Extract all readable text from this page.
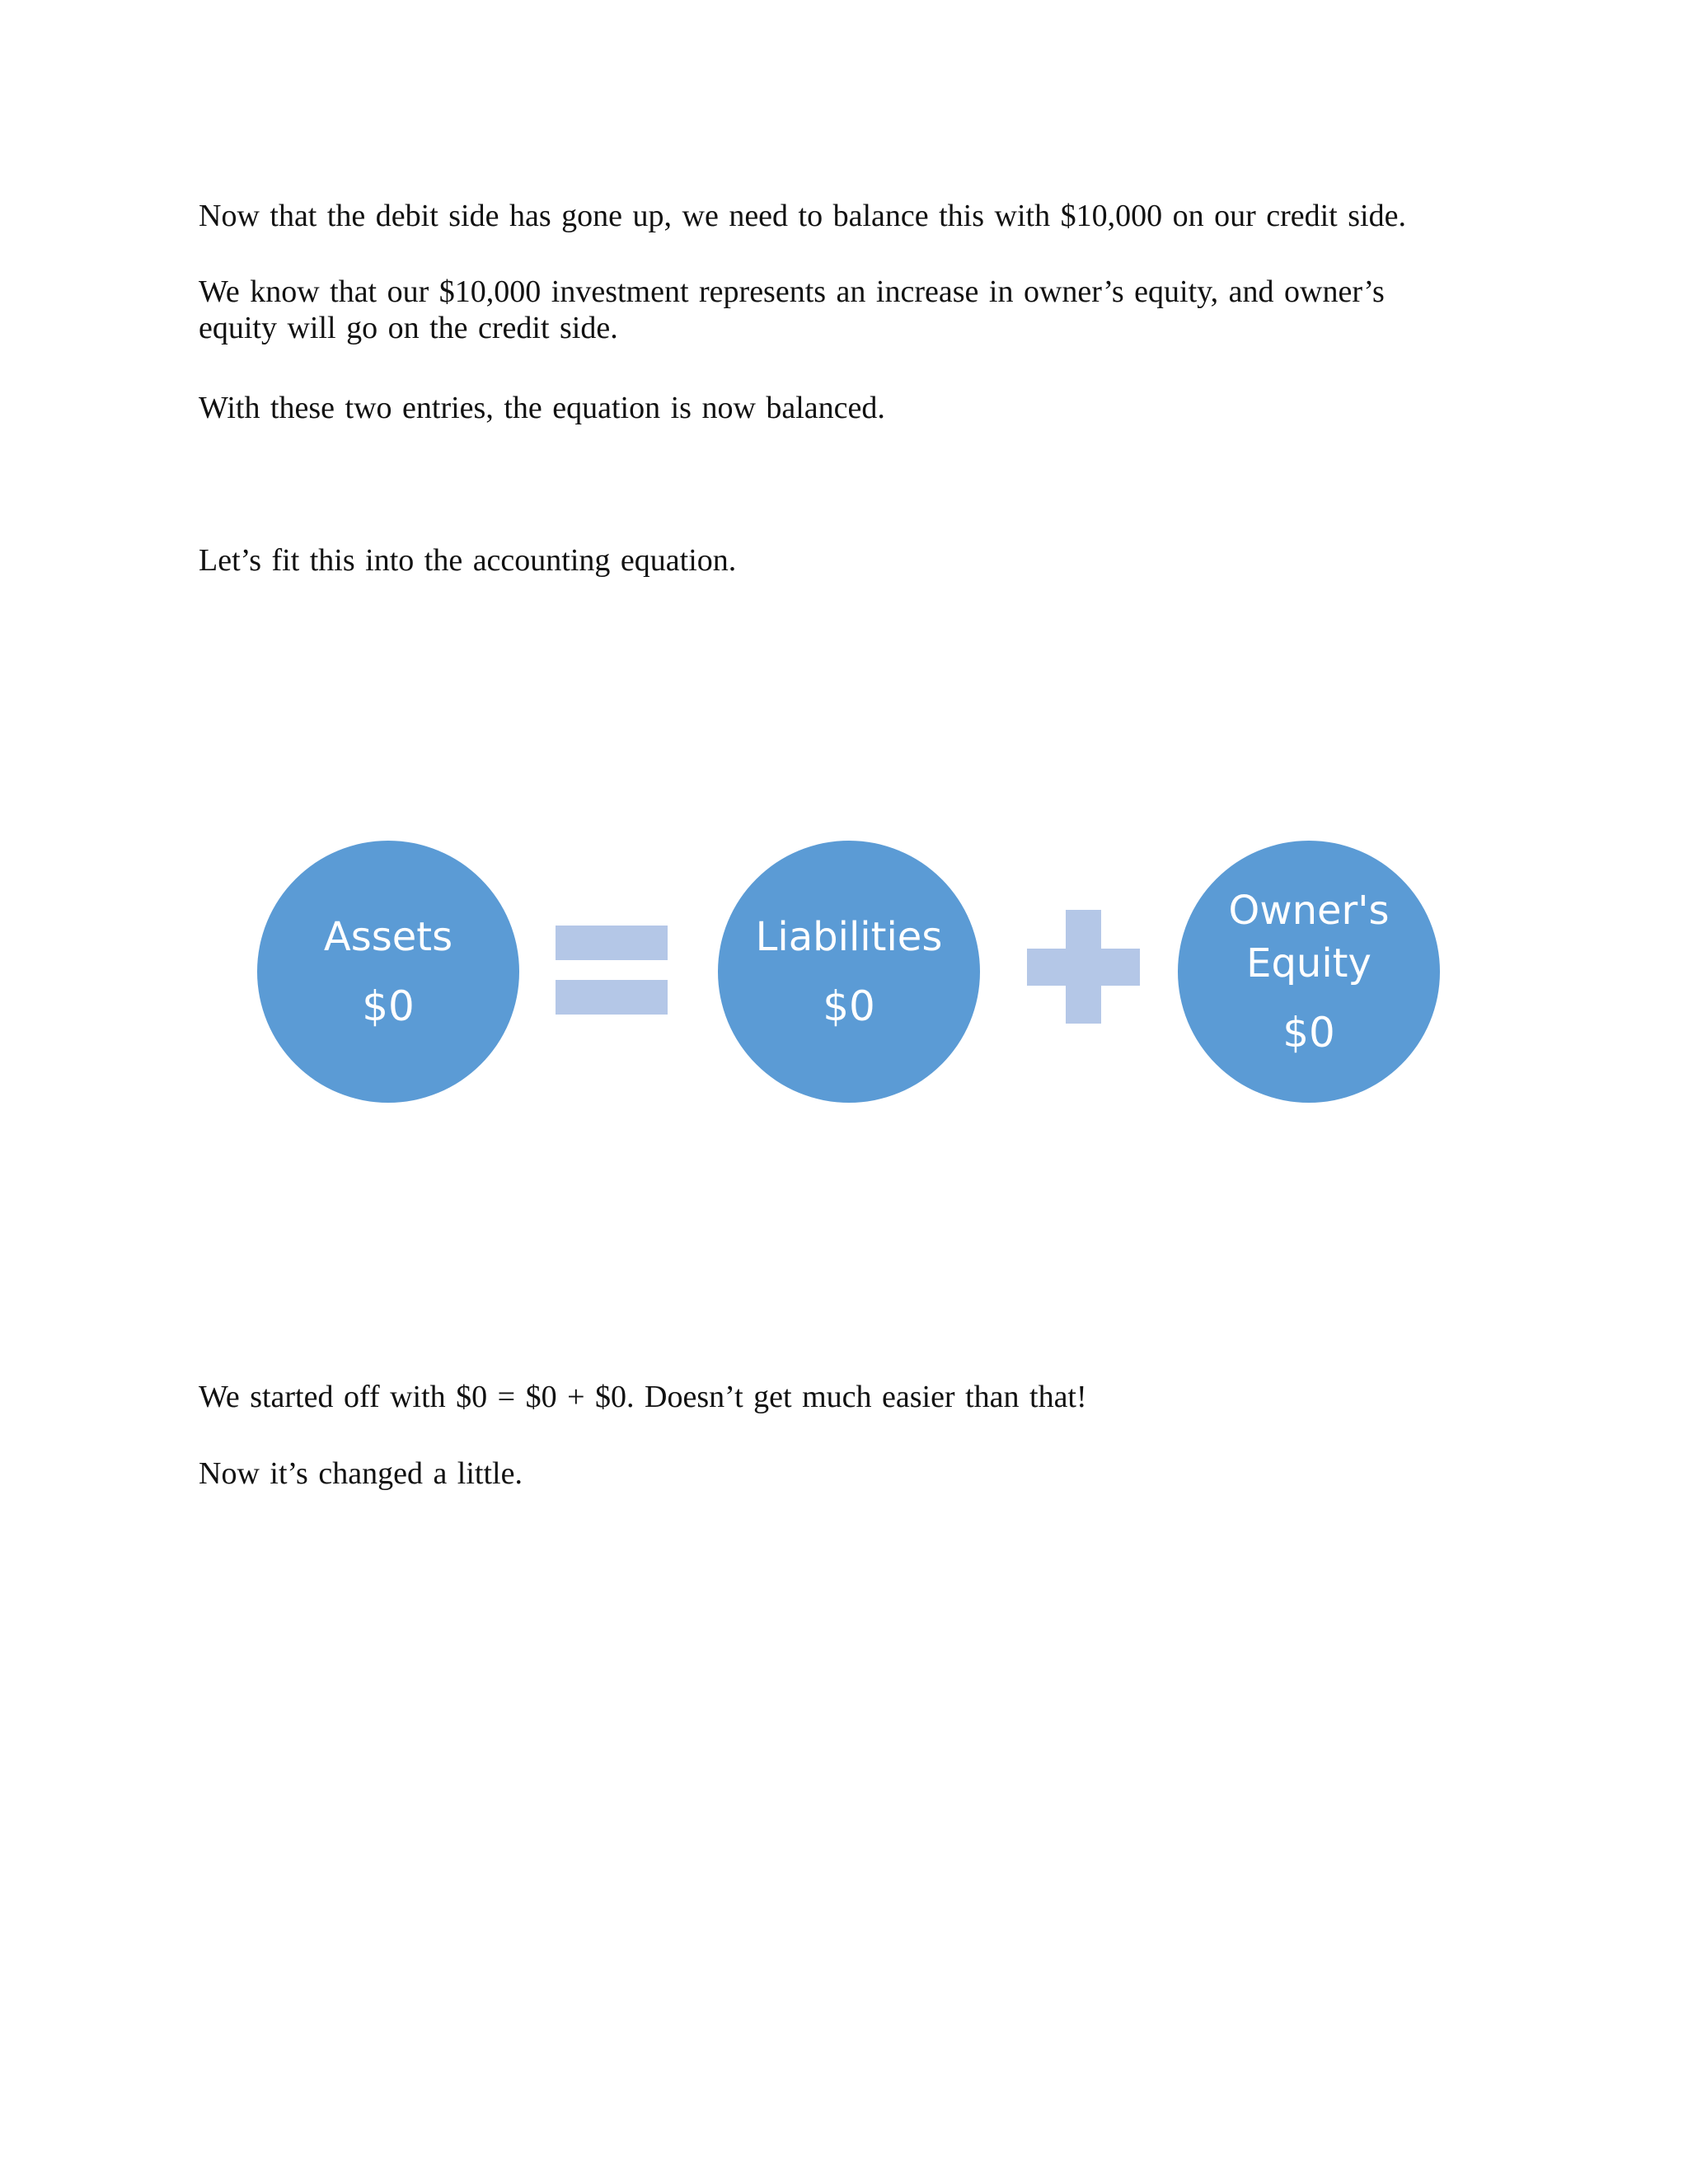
Now that the debit side has gone up, we need to balance this with $10,000 on our credit side.

We know that our $10,000 investment represents an increase in owner’s equity, and owner’s equity will go on the credit side.

With these two entries, the equation is now balanced.

Let’s fit this into the accounting equation.

Assets
$0
Liabilities
$0
Owner's Equity
$0

We started off with $0 = $0 + $0. Doesn’t get much easier than that!

Now it’s changed a little.
